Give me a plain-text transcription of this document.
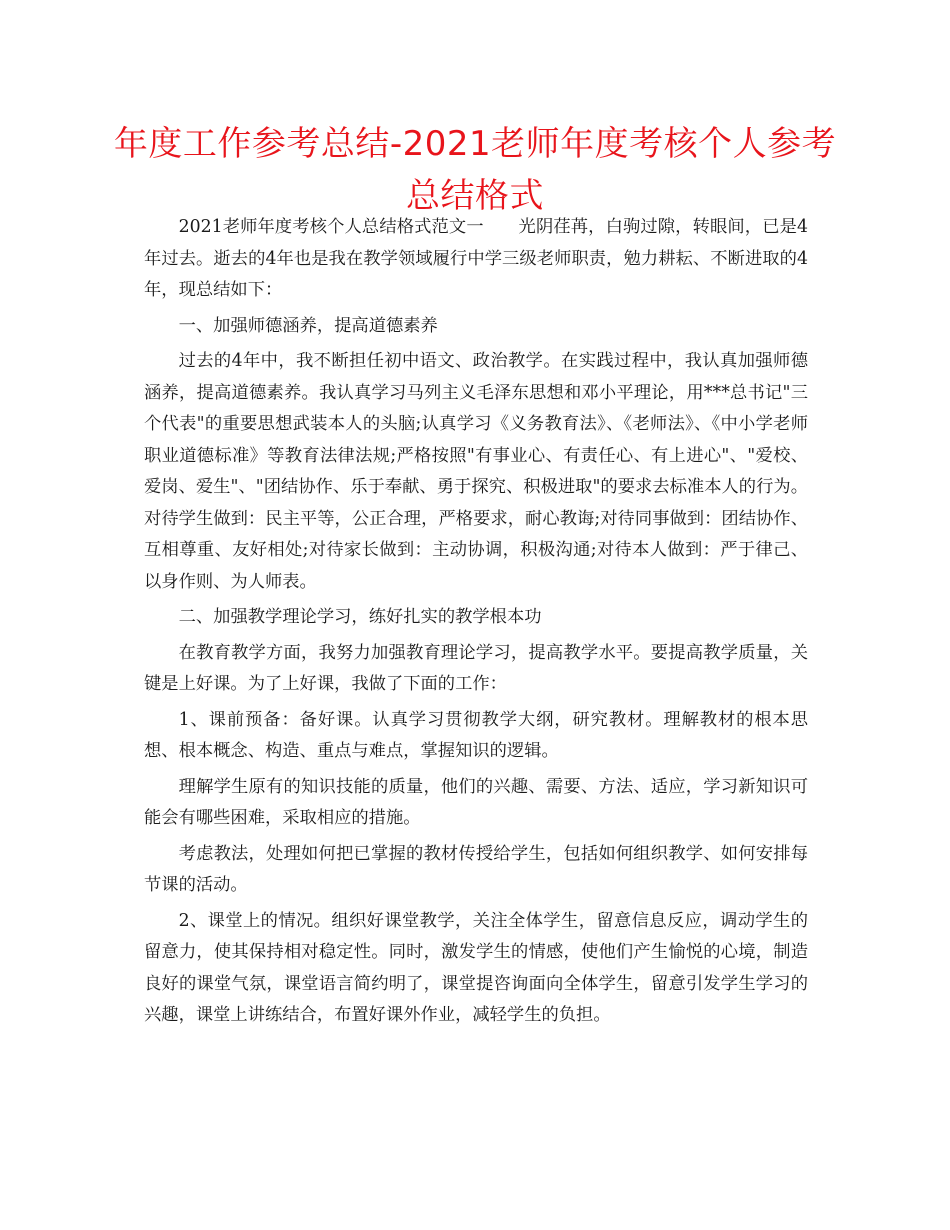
年度工作参考总结-2021老师年度考核个人参考总结格式

2021老师年度考核个人总结格式范文一　　光阴荏苒，白驹过隙，转眼间，已是4年过去。逝去的4年也是我在教学领域履行中学三级老师职责，勉力耕耘、不断进取的4年，现总结如下：

一、加强师德涵养，提高道德素养

过去的4年中，我不断担任初中语文、政治教学。在实践过程中，我认真加强师德涵养，提高道德素养。我认真学习马列主义毛泽东思想和邓小平理论，用***总书记"三个代表"的重要思想武装本人的头脑;认真学习《义务教育法》、《老师法》、《中小学老师职业道德标准》等教育法律法规;严格按照"有事业心、有责任心、有上进心"、"爱校、爱岗、爱生"、"团结协作、乐于奉献、勇于探究、积极进取"的要求去标准本人的行为。对待学生做到：民主平等，公正合理，严格要求，耐心教诲;对待同事做到：团结协作、互相尊重、友好相处;对待家长做到：主动协调，积极沟通;对待本人做到：严于律己、以身作则、为人师表。

二、加强教学理论学习，练好扎实的教学根本功

在教育教学方面，我努力加强教育理论学习，提高教学水平。要提高教学质量，关键是上好课。为了上好课，我做了下面的工作：

1、课前预备：备好课。认真学习贯彻教学大纲，研究教材。理解教材的根本思想、根本概念、构造、重点与难点，掌握知识的逻辑。

理解学生原有的知识技能的质量，他们的兴趣、需要、方法、适应，学习新知识可能会有哪些困难，采取相应的措施。

考虑教法，处理如何把已掌握的教材传授给学生，包括如何组织教学、如何安排每节课的活动。

2、课堂上的情况。组织好课堂教学，关注全体学生，留意信息反应，调动学生的留意力，使其保持相对稳定性。同时，激发学生的情感，使他们产生愉悦的心境，制造良好的课堂气氛，课堂语言简约明了，课堂提咨询面向全体学生，留意引发学生学习的兴趣，课堂上讲练结合，布置好课外作业，减轻学生的负担。
